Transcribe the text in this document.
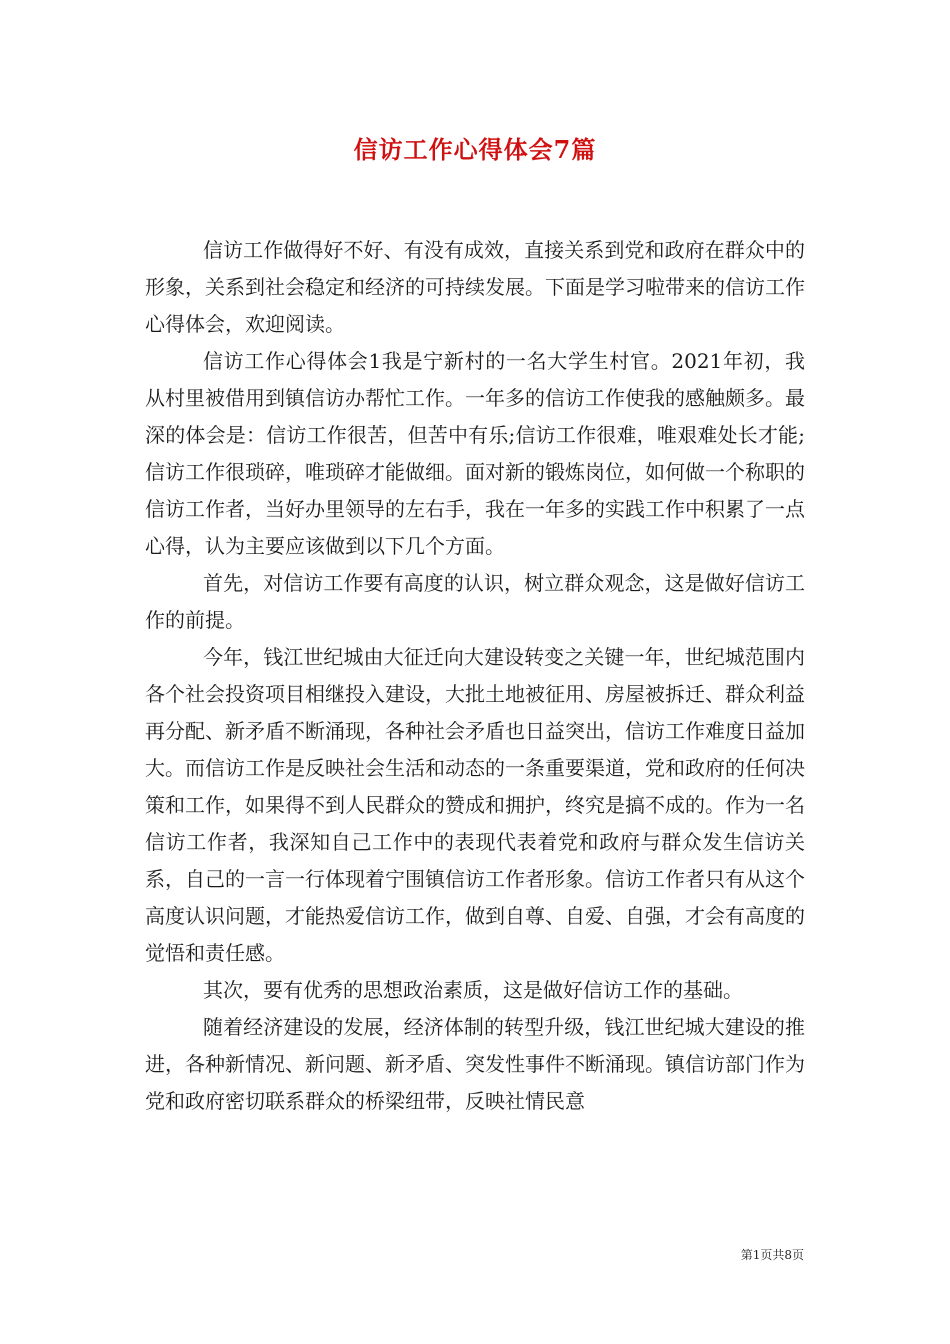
信访工作心得体会7篇

信访工作做得好不好、有没有成效，直接关系到党和政府在群众中的形象，关系到社会稳定和经济的可持续发展。下面是学习啦带来的信访工作心得体会，欢迎阅读。

信访工作心得体会1我是宁新村的一名大学生村官。2021年初，我从村里被借用到镇信访办帮忙工作。一年多的信访工作使我的感触颇多。最深的体会是：信访工作很苦，但苦中有乐;信访工作很难，唯艰难处长才能;信访工作很琐碎，唯琐碎才能做细。面对新的锻炼岗位，如何做一个称职的信访工作者，当好办里领导的左右手，我在一年多的实践工作中积累了一点心得，认为主要应该做到以下几个方面。

首先，对信访工作要有高度的认识，树立群众观念，这是做好信访工作的前提。

今年，钱江世纪城由大征迁向大建设转变之关键一年，世纪城范围内各个社会投资项目相继投入建设，大批土地被征用、房屋被拆迁、群众利益再分配、新矛盾不断涌现，各种社会矛盾也日益突出，信访工作难度日益加大。而信访工作是反映社会生活和动态的一条重要渠道，党和政府的任何决策和工作，如果得不到人民群众的赞成和拥护，终究是搞不成的。作为一名信访工作者，我深知自己工作中的表现代表着党和政府与群众发生信访关系，自己的一言一行体现着宁围镇信访工作者形象。信访工作者只有从这个高度认识问题，才能热爱信访工作，做到自尊、自爱、自强，才会有高度的觉悟和责任感。

其次，要有优秀的思想政治素质，这是做好信访工作的基础。

随着经济建设的发展，经济体制的转型升级，钱江世纪城大建设的推进，各种新情况、新问题、新矛盾、突发性事件不断涌现。镇信访部门作为党和政府密切联系群众的桥梁纽带，反映社情民意

第1页共8页
